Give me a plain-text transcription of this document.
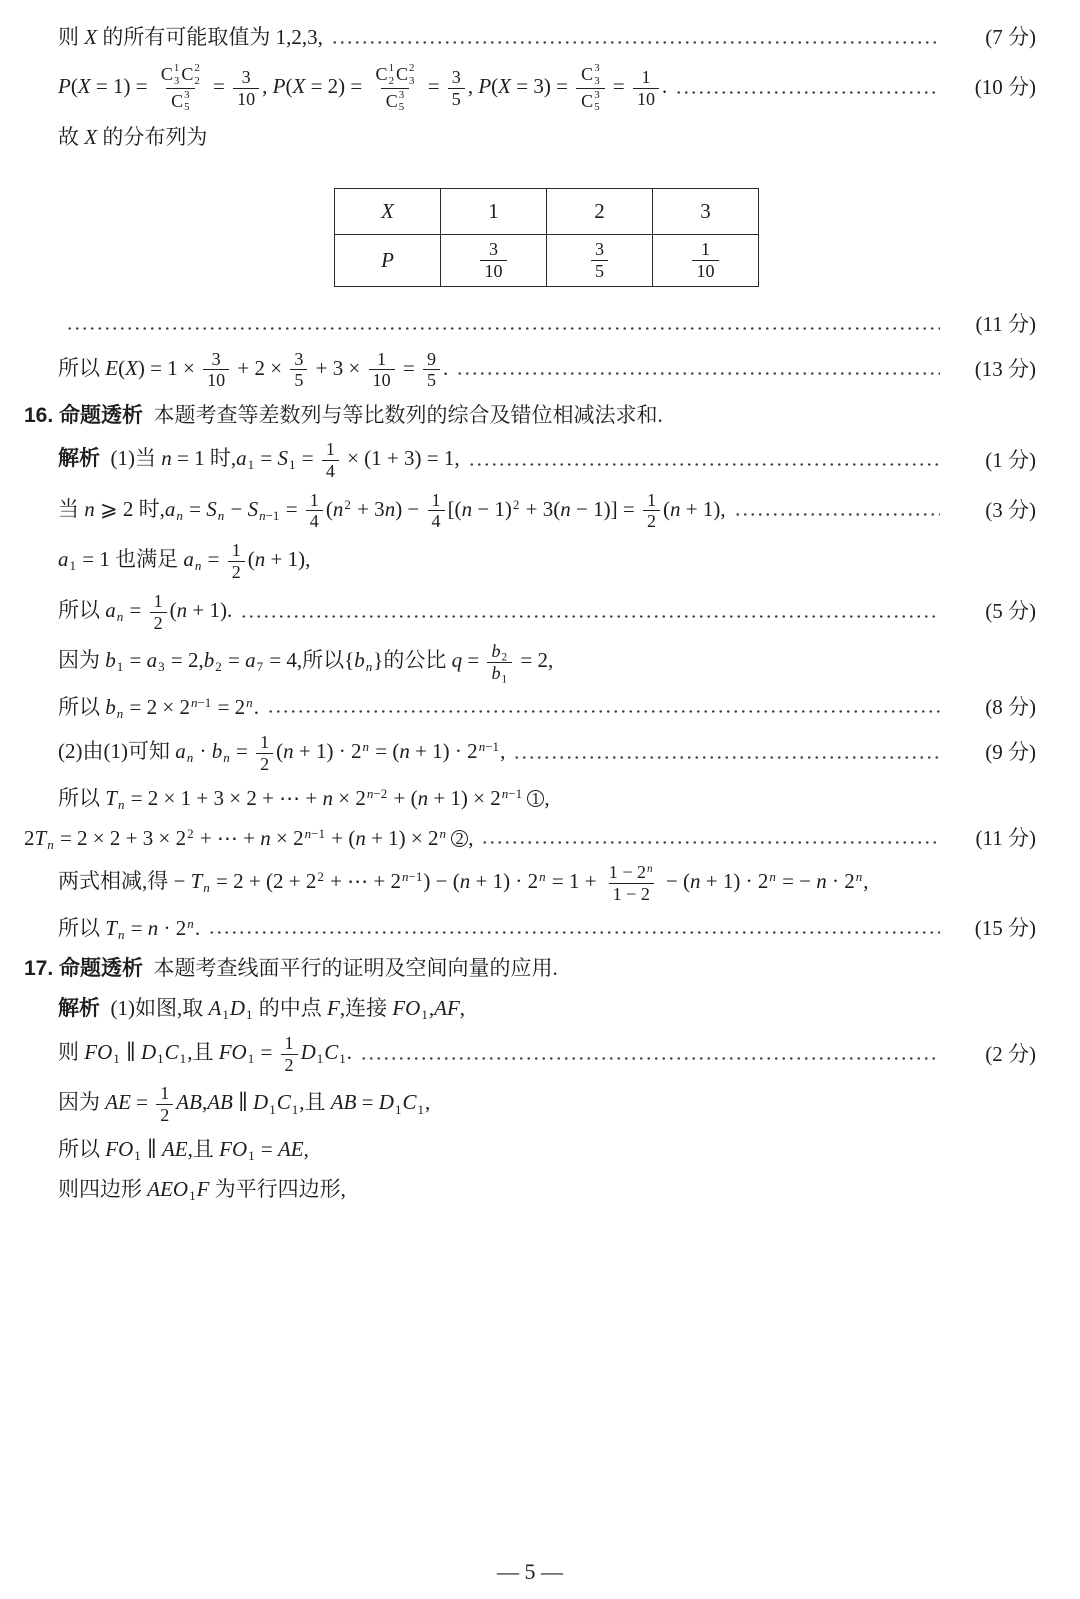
则 X 的所有可能取值为 1,2,3,	(7 分)
P(X = 1) = C 1
3 C 2
2
C 3
$5 = \frac{3}{10}$ , P(X = 2) = C 1
2 C 2
3
C 3
$5 = \frac{3}{5}$ , P(X = 3) = C 3
3
C 3
$5 = \frac{1}{10}$ .	(10 分)
故 X 的分布列为
X	1	2	3
P	$\frac{3}{10}$	$\frac{3}{5}$	$\frac{1}{10}$
(11 分)
所以 $E(X) = 1 \times \frac{3}{10} + 2 \times \frac{3}{5} + 3 \times \frac{1}{10} = \frac{9}{5}$ .	(13 分)
16. 命题透析  本题考查等差数列与等比数列的综合及错位相减法求和.
解析  (1)当 n = 1 时$,a1 = S1 = \frac{1}{4} \times (1 + 3) = 1$,	(1 分)
当 n ⩾ 2 时$,an = Sn - Sn-1 = \frac{1}{4} (n2 + 3n) - \frac{1}{4} [(n - 1)2 + 3(n - 1)] = \frac{1}{2} (n + 1)$,	(3 分)
a1 = 1 也满足 an = $\frac{1}{2} (n + 1)$,
所以 an = $\frac{1}{2} (n + 1)$.	(5 分)
因为 b1 = a3 = 2,b2 = a7 = 4,所以{bn}的公比 $q = \frac{b2}{b1} = 2$,
所以 bn = 2 × 2n−1 = 2n.	(8 分)
(2)由(1)可知 an · bn = $\frac{1}{2} (n + 1) \cdot 2n = (n + 1) \cdot 2n-1$,	(9 分)
所以 Tn = 2 × 1 + 3 × 2 + ⋯ + n × 2n−2 + (n + 1) × 2n−1 1 ,
2Tn = 2 × 2 + 3 × 22 + ⋯ + n × 2n−1 + (n + 1) × 2n 2 ,	(11 分)
两式相减,得 − Tn = 2 + (2 + 22 + ⋯ + $2n-1) - (n + 1) \cdot 2n = 1 + \frac{1 - 2n}{1 - 2} - (n + 1) \cdot 2n$ = − n · 2n,
所以 Tn = n · 2n.	(15 分)
17. 命题透析  本题考查线面平行的证明及空间向量的应用.
解析  (1)如图,取 A1D1 的中点 F,连接 FO1,AF,
则 FO1 ∥ D1C1,且 $FO1 = \frac{1}{2} D1C1$.	(2 分)
因为 AE = $\frac{1}{2} AB,AB$ ∥ D1C1,且 AB = D1C1,
所以 FO1 ∥ AE,且 FO1 = AE,
则四边形 AEO1F 为平行四边形,
— 5 —
